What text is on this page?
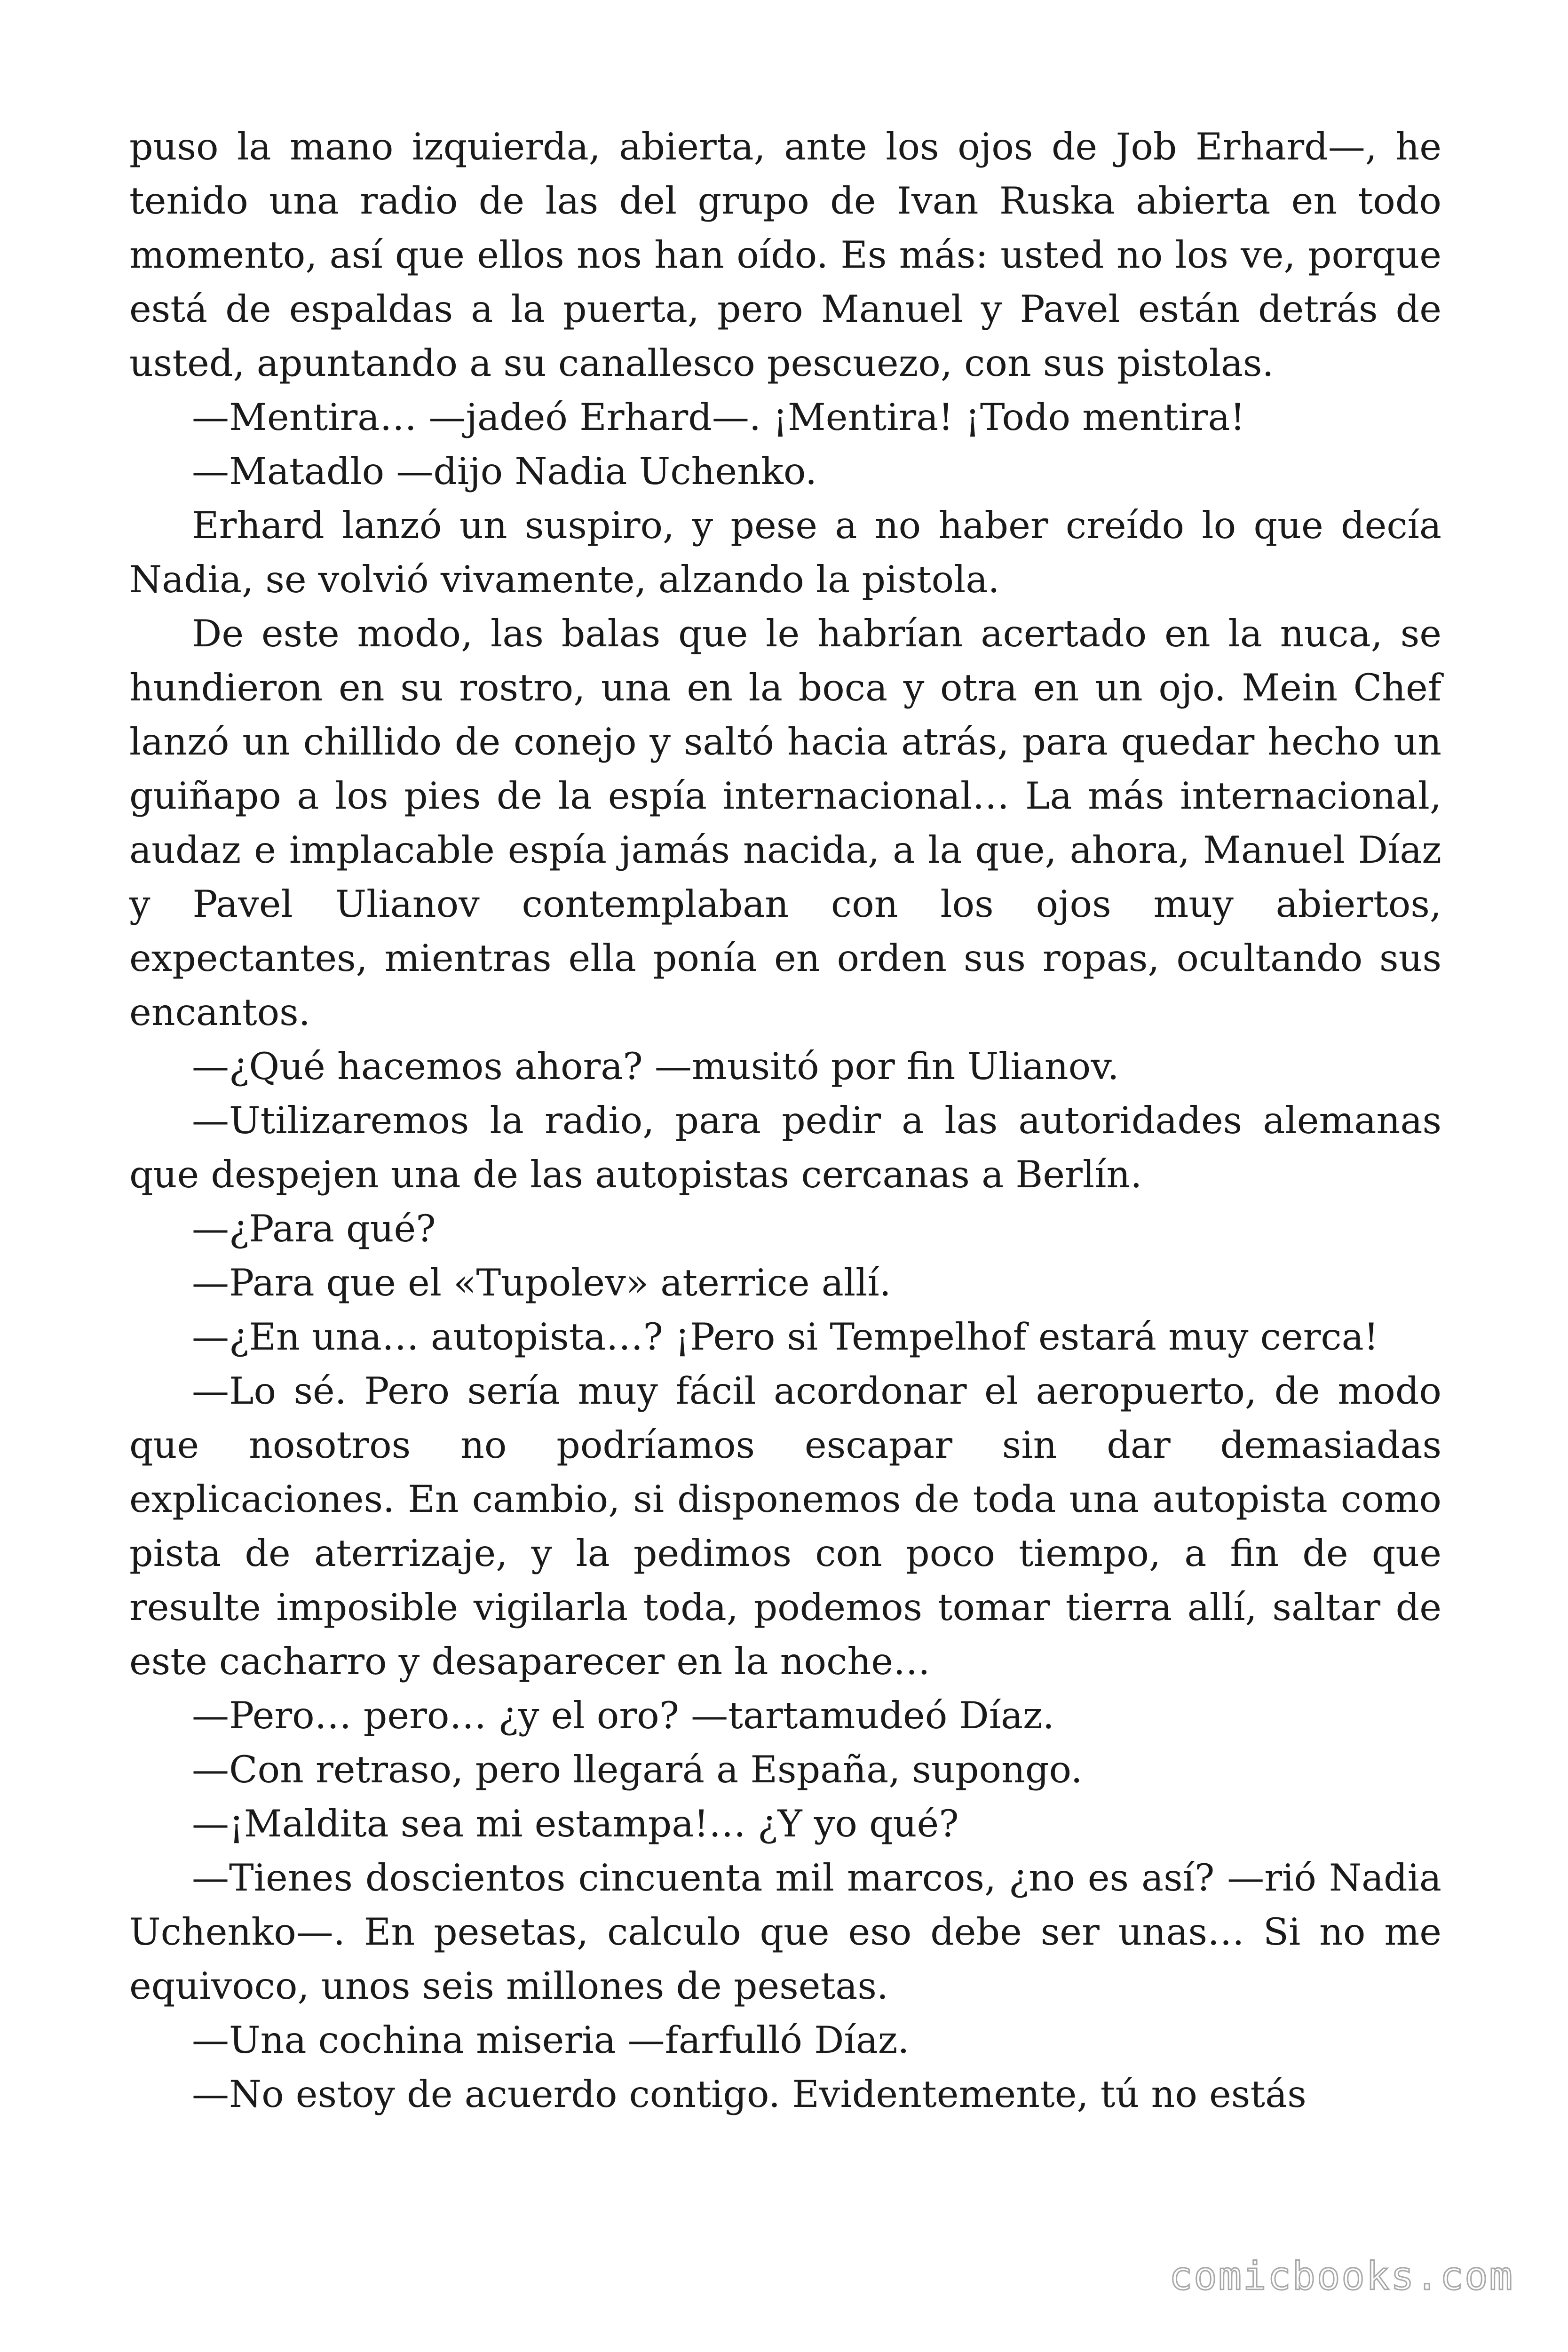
puso la mano izquierda, abierta, ante los ojos de Job Erhard—, he tenido una radio de las del grupo de Ivan Ruska abierta en todo momento, así que ellos nos han oído. Es más: usted no los ve, porque está de espaldas a la puerta, pero Manuel y Pavel están detrás de usted, apuntando a su canallesco pescuezo, con sus pistolas.

—Mentira… —jadeó Erhard—. ¡Mentira! ¡Todo mentira!

—Matadlo —dijo Nadia Uchenko.

Erhard lanzó un suspiro, y pese a no haber creído lo que decía Nadia, se volvió vivamente, alzando la pistola.

De este modo, las balas que le habrían acertado en la nuca, se hundieron en su rostro, una en la boca y otra en un ojo. Mein Chef lanzó un chillido de conejo y saltó hacia atrás, para quedar hecho un guiñapo a los pies de la espía internacional… La más internacional, audaz e implacable espía jamás nacida, a la que, ahora, Manuel Díaz y Pavel Ulianov contemplaban con los ojos muy abiertos, expectantes, mientras ella ponía en orden sus ropas, ocultando sus encantos.

—¿Qué hacemos ahora? —musitó por fin Ulianov.

—Utilizaremos la radio, para pedir a las autoridades alemanas que despejen una de las autopistas cercanas a Berlín.

—¿Para qué?

—Para que el «Tupolev» aterrice allí.

—¿En una… autopista…? ¡Pero si Tempelhof estará muy cerca!

—Lo sé. Pero sería muy fácil acordonar el aeropuerto, de modo que nosotros no podríamos escapar sin dar demasiadas explicaciones. En cambio, si disponemos de toda una autopista como pista de aterrizaje, y la pedimos con poco tiempo, a fin de que resulte imposible vigilarla toda, podemos tomar tierra allí, saltar de este cacharro y desaparecer en la noche…

—Pero… pero… ¿y el oro? —tartamudeó Díaz.

—Con retraso, pero llegará a España, supongo.

—¡Maldita sea mi estampa!… ¿Y yo qué?

—Tienes doscientos cincuenta mil marcos, ¿no es así? —rió Nadia Uchenko—. En pesetas, calculo que eso debe ser unas… Si no me equivoco, unos seis millones de pesetas.

—Una cochina miseria —farfulló Díaz.

—No estoy de acuerdo contigo. Evidentemente, tú no estás

comicbooks.com
